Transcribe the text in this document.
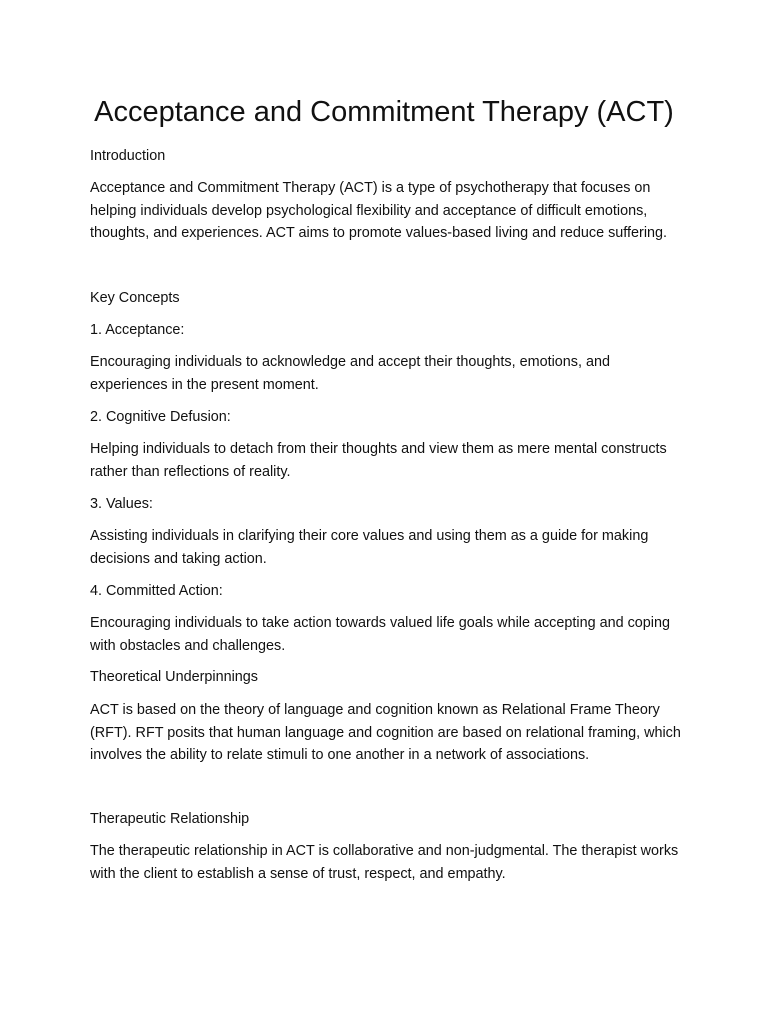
Acceptance and Commitment Therapy (ACT)

Introduction

Acceptance and Commitment Therapy (ACT) is a type of psychotherapy that focuses on helping individuals develop psychological flexibility and acceptance of difficult emotions, thoughts, and experiences. ACT aims to promote values-based living and reduce suffering.

Key Concepts

1. Acceptance:

Encouraging individuals to acknowledge and accept their thoughts, emotions, and experiences in the present moment.

2. Cognitive Defusion:

Helping individuals to detach from their thoughts and view them as mere mental constructs rather than reflections of reality.

3. Values:

Assisting individuals in clarifying their core values and using them as a guide for making decisions and taking action.

4. Committed Action:

Encouraging individuals to take action towards valued life goals while accepting and coping with obstacles and challenges.

Theoretical Underpinnings

ACT is based on the theory of language and cognition known as Relational Frame Theory (RFT). RFT posits that human language and cognition are based on relational framing, which involves the ability to relate stimuli to one another in a network of associations.

Therapeutic Relationship

The therapeutic relationship in ACT is collaborative and non-judgmental. The therapist works with the client to establish a sense of trust, respect, and empathy.
